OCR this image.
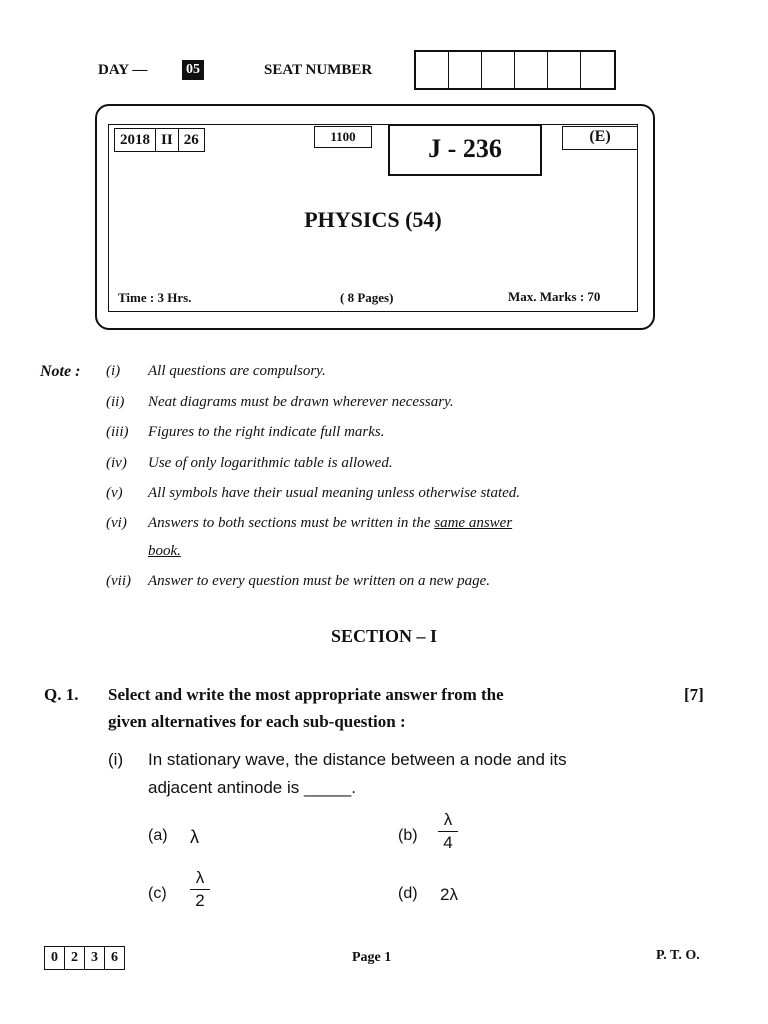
DAY —	05	SEAT NUMBER
2018 II 26	1100	J - 236	(E)
PHYSICS (54)
Time : 3 Hrs.	( 8 Pages)	Max. Marks : 70
Note : (i) All questions are compulsory.
(ii) Neat diagrams must be drawn wherever necessary.
(iii) Figures to the right indicate full marks.
(iv) Use of only logarithmic table is allowed.
(v) All symbols have their usual meaning unless otherwise stated.
(vi) Answers to both sections must be written in the same answer
book.
(vii) Answer to every question must be written on a new page.
SECTION – I
Q. 1. Select and write the most appropriate answer from the
given alternatives for each sub-question :
[7]
(i) In stationary wave, the distance between a node and its
adjacent antinode is _____.
(a) λ	(b)
λ
4
(c)
λ
2	(d) 2λ
0 2 3 6	Page 1	P. T. O.
